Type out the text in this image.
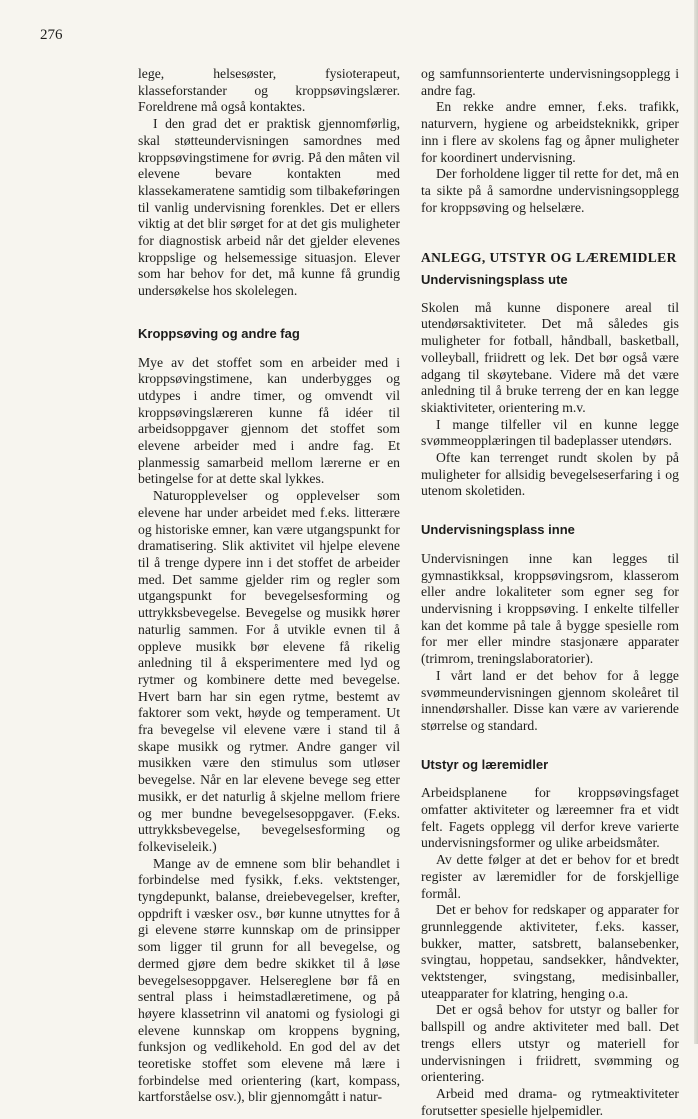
276

lege, helsesøster, fysioterapeut, klasseforstander og kroppsøvingslærer. Foreldrene må også kontaktes.

I den grad det er praktisk gjennomførlig, skal støtteundervisningen samordnes med kroppsøvingstimene for øvrig. På den måten vil elevene bevare kontakten med klassekameratene samtidig som tilbakeføringen til vanlig undervisning forenkles. Det er ellers viktig at det blir sørget for at det gis muligheter for diagnostisk arbeid når det gjelder elevenes kroppslige og helsemessige situasjon. Elever som har behov for det, må kunne få grundig undersøkelse hos skolelegen.

Kroppsøving og andre fag

Mye av det stoffet som en arbeider med i kroppsøvingstimene, kan underbygges og utdypes i andre timer, og omvendt vil kroppsøvingslæreren kunne få idéer til arbeidsoppgaver gjennom det stoffet som elevene arbeider med i andre fag. Et planmessig samarbeid mellom lærerne er en betingelse for at dette skal lykkes.

Naturopplevelser og opplevelser som elevene har under arbeidet med f.eks. litterære og historiske emner, kan være utgangspunkt for dramatisering. Slik aktivitet vil hjelpe elevene til å trenge dypere inn i det stoffet de arbeider med. Det samme gjelder rim og regler som utgangspunkt for bevegelsesforming og uttrykksbevegelse. Bevegelse og musikk hører naturlig sammen. For å utvikle evnen til å oppleve musikk bør elevene få rikelig anledning til å eksperimentere med lyd og rytmer og kombinere dette med bevegelse. Hvert barn har sin egen rytme, bestemt av faktorer som vekt, høyde og temperament. Ut fra bevegelse vil elevene være i stand til å skape musikk og rytmer. Andre ganger vil musikken være den stimulus som utløser bevegelse. Når en lar elevene bevege seg etter musikk, er det naturlig å skjelne mellom friere og mer bundne bevegelsesoppgaver. (F.eks. uttrykksbevegelse, bevegelsesforming og folkeviseleik.)

Mange av de emnene som blir behandlet i forbindelse med fysikk, f.eks. vektstenger, tyngdepunkt, balanse, dreiebevegelser, krefter, oppdrift i væsker osv., bør kunne utnyttes for å gi elevene større kunnskap om de prinsipper som ligger til grunn for all bevegelse, og dermed gjøre dem bedre skikket til å løse bevegelsesoppgaver. Helsereglene bør få en sentral plass i heimstadlæretimene, og på høyere klassetrinn vil anatomi og fysiologi gi elevene kunnskap om kroppens bygning, funksjon og vedlikehold. En god del av det teoretiske stoffet som elevene må lære i forbindelse med orientering (kart, kompass, kartforståelse osv.), blir gjennomgått i natur-

og samfunnsorienterte undervisningsopplegg i andre fag.

En rekke andre emner, f.eks. trafikk, naturvern, hygiene og arbeidsteknikk, griper inn i flere av skolens fag og åpner muligheter for koordinert undervisning.

Der forholdene ligger til rette for det, må en ta sikte på å samordne undervisningsopplegg for kroppsøving og helselære.

ANLEGG, UTSTYR OG LÆREMIDLER
Undervisningsplass ute

Skolen må kunne disponere areal til utendørsaktiviteter. Det må således gis muligheter for fotball, håndball, basketball, volleyball, friidrett og lek. Det bør også være adgang til skøytebane. Videre må det være anledning til å bruke terreng der en kan legge skiaktiviteter, orientering m.v.

I mange tilfeller vil en kunne legge svømmeopplæringen til badeplasser utendørs.

Ofte kan terrenget rundt skolen by på muligheter for allsidig bevegelseserfaring i og utenom skoletiden.

Undervisningsplass inne

Undervisningen inne kan legges til gymnastikksal, kroppsøvingsrom, klasserom eller andre lokaliteter som egner seg for undervisning i kroppsøving. I enkelte tilfeller kan det komme på tale å bygge spesielle rom for mer eller mindre stasjonære apparater (trimrom, treningslaboratorier).

I vårt land er det behov for å legge svømmeundervisningen gjennom skoleåret til innendørshaller. Disse kan være av varierende størrelse og standard.

Utstyr og læremidler

Arbeidsplanene for kroppsøvingsfaget omfatter aktiviteter og læreemner fra et vidt felt. Fagets opplegg vil derfor kreve varierte undervisningsformer og ulike arbeidsmåter.

Av dette følger at det er behov for et bredt register av læremidler for de forskjellige formål.

Det er behov for redskaper og apparater for grunnleggende aktiviteter, f.eks. kasser, bukker, matter, satsbrett, balansebenker, svingtau, hoppetau, sandsekker, håndvekter, vektstenger, svingstang, medisinballer, uteapparater for klatring, henging o.a.

Det er også behov for utstyr og baller for ballspill og andre aktiviteter med ball. Det trengs ellers utstyr og materiell for undervisningen i friidrett, svømming og orientering.

Arbeid med drama- og rytmeaktiviteter forutsetter spesielle hjelpemidler.
